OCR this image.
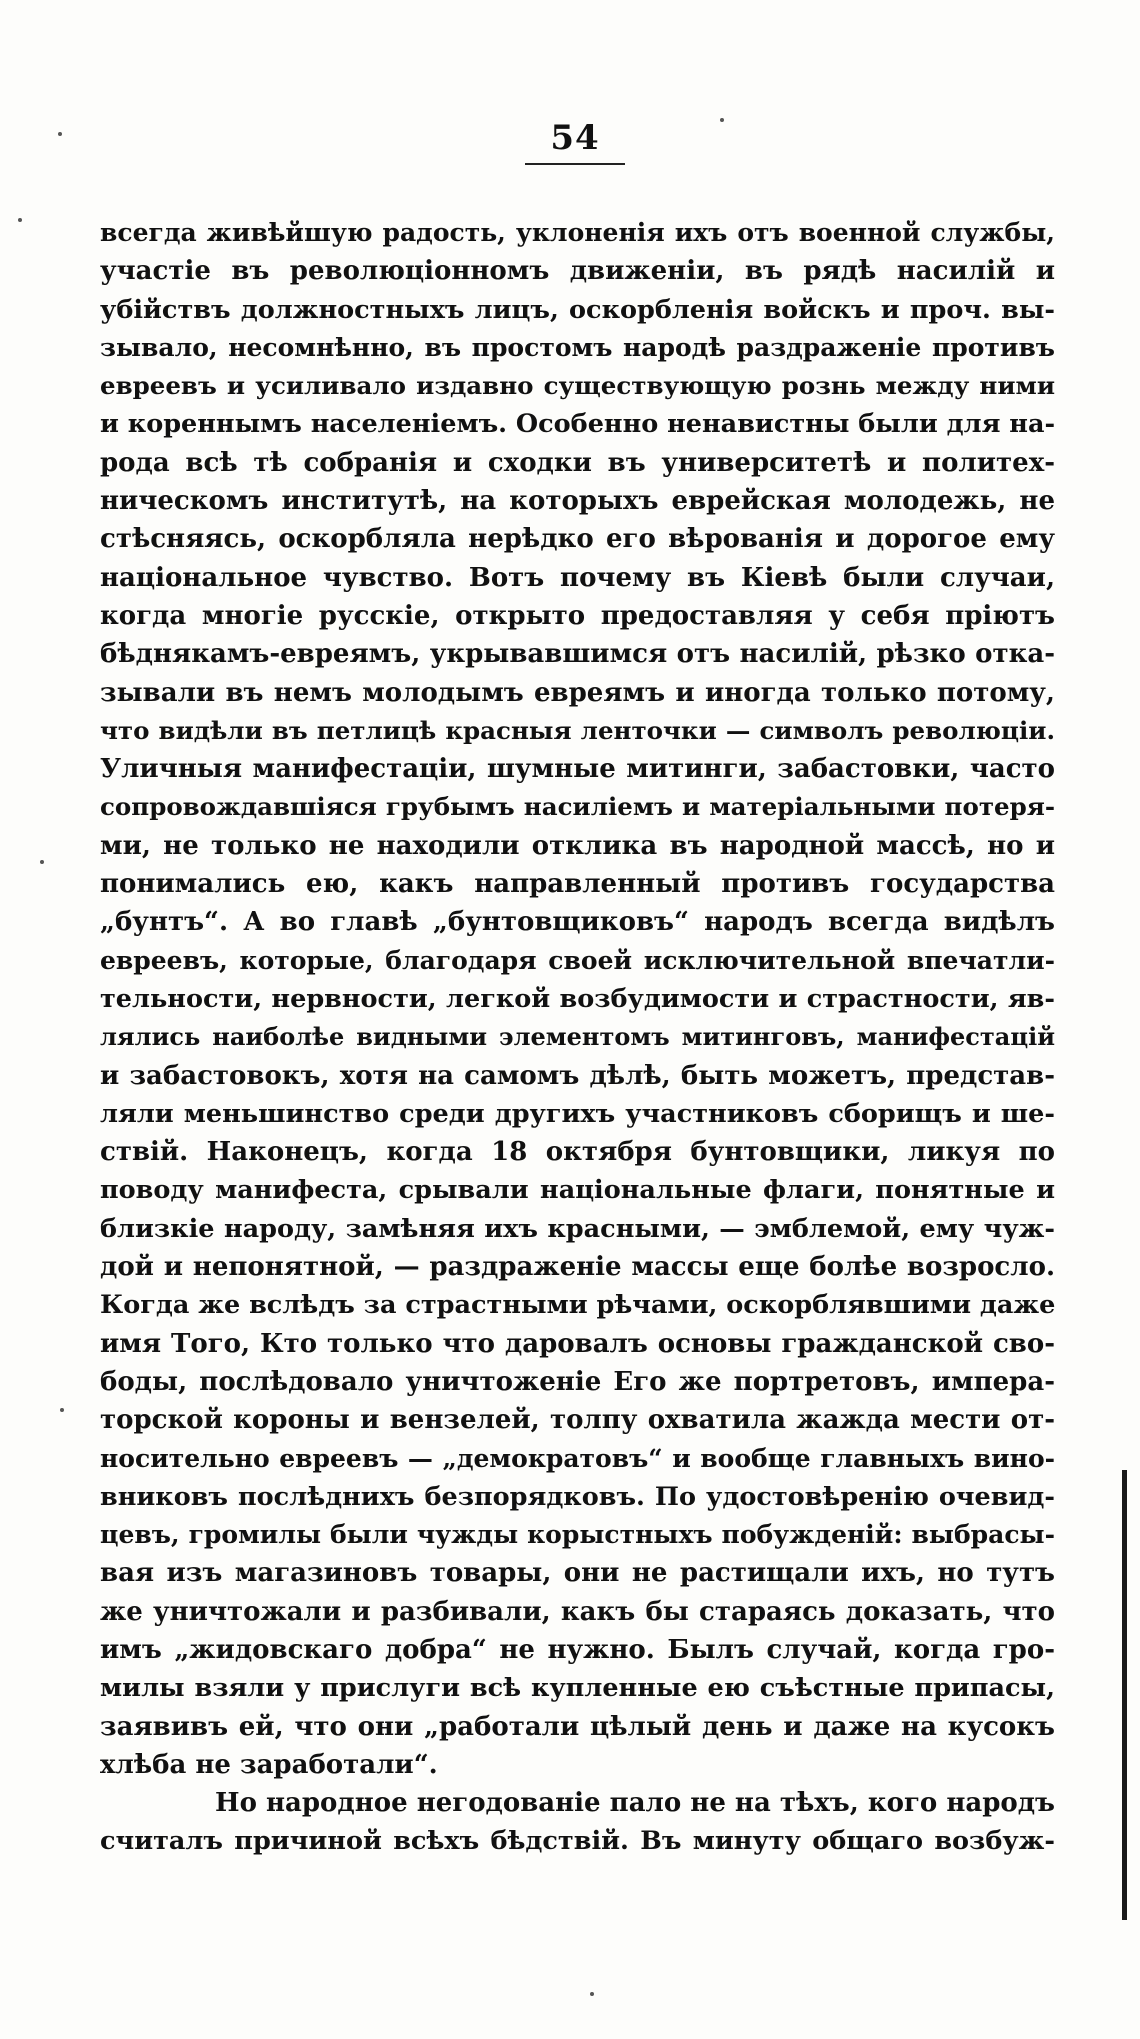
54
всегда живѣйшую радость, уклоненія ихъ отъ военной службы,
участіе въ революціонномъ движеніи, въ рядѣ насилій и
убійствъ должностныхъ лицъ, оскорбленія войскъ и проч. вы-
зывало, несомнѣнно, въ простомъ народѣ раздраженіе противъ
евреевъ и усиливало издавно существующую рознь между ними
и кореннымъ населеніемъ. Особенно ненавистны были для на-
рода всѣ тѣ собранія и сходки въ университетѣ и политех-
ническомъ институтѣ, на которыхъ еврейская молодежь, не
стѣсняясь, оскорбляла нерѣдко его вѣрованія и дорогое ему
національное чувство. Вотъ почему въ Кіевѣ были случаи,
когда многіе русскіе, открыто предоставляя у себя пріютъ
бѣднякамъ-евреямъ, укрывавшимся отъ насилій, рѣзко отка-
зывали въ немъ молодымъ евреямъ и иногда только потому,
что видѣли въ петлицѣ красныя ленточки — символъ революціи.
Уличныя манифестаціи, шумные митинги, забастовки, часто
сопровождавшіяся грубымъ насиліемъ и матеріальными потеря-
ми, не только не находили отклика въ народной массѣ, но и
понимались ею, какъ направленный противъ государства
„бунтъ“. А во главѣ „бунтовщиковъ“ народъ всегда видѣлъ
евреевъ, которые, благодаря своей исключительной впечатли-
тельности, нервности, легкой возбудимости и страстности, яв-
лялись наиболѣе видными элементомъ митинговъ, манифестацій
и забастовокъ, хотя на самомъ дѣлѣ, быть можетъ, представ-
ляли меньшинство среди другихъ участниковъ сборищъ и ше-
ствій. Наконецъ, когда 18 октября бунтовщики, ликуя по
поводу манифеста, срывали національные флаги, понятные и
близкіе народу, замѣняя ихъ красными, — эмблемой, ему чуж-
дой и непонятной, — раздраженіе массы еще болѣе возросло.
Когда же вслѣдъ за страстными рѣчами, оскорблявшими даже
имя Того, Кто только что даровалъ основы гражданской сво-
боды, послѣдовало уничтоженіе Его же портретовъ, импера-
торской короны и вензелей, толпу охватила жажда мести от-
носительно евреевъ — „демократовъ“ и вообще главныхъ вино-
вниковъ послѣднихъ безпорядковъ. По удостовѣренію очевид-
цевъ, громилы были чужды корыстныхъ побужденій: выбрасы-
вая изъ магазиновъ товары, они не растищали ихъ, но тутъ
же уничтожали и разбивали, какъ бы стараясь доказать, что
имъ „жидовскаго добра“ не нужно. Былъ случай, когда гро-
милы взяли у прислуги всѣ купленные ею съѣстные припасы,
заявивъ ей, что они „работали цѣлый день и даже на кусокъ
хлѣба не заработали“.
Но народное негодованіе пало не на тѣхъ, кого народъ
считалъ причиной всѣхъ бѣдствій. Въ минуту общаго возбуж-
